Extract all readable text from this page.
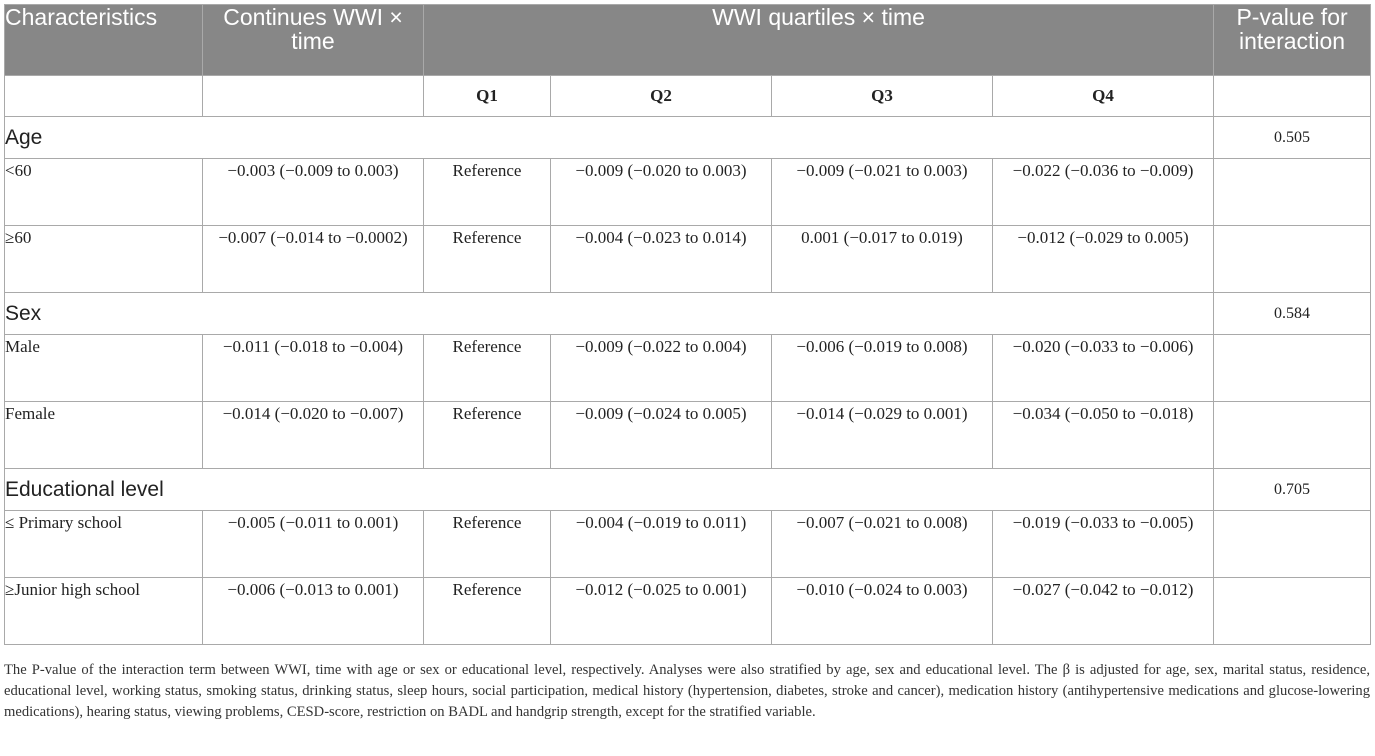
Characteristics	Continues WWI × time	WWI quartiles × time				P-value for interaction
		Q1	Q2	Q3	Q4	
Age						0.505
<60	−0.003 (−0.009 to 0.003)	Reference	−0.009 (−0.020 to 0.003)	−0.009 (−0.021 to 0.003)	−0.022 (−0.036 to −0.009)	
≥60	−0.007 (−0.014 to −0.0002)	Reference	−0.004 (−0.023 to 0.014)	0.001 (−0.017 to 0.019)	−0.012 (−0.029 to 0.005)	
Sex						0.584
Male	−0.011 (−0.018 to −0.004)	Reference	−0.009 (−0.022 to 0.004)	−0.006 (−0.019 to 0.008)	−0.020 (−0.033 to −0.006)	
Female	−0.014 (−0.020 to −0.007)	Reference	−0.009 (−0.024 to 0.005)	−0.014 (−0.029 to 0.001)	−0.034 (−0.050 to −0.018)	
Educational level						0.705
≤ Primary school	−0.005 (−0.011 to 0.001)	Reference	−0.004 (−0.019 to 0.011)	−0.007 (−0.021 to 0.008)	−0.019 (−0.033 to −0.005)	
≥Junior high school	−0.006 (−0.013 to 0.001)	Reference	−0.012 (−0.025 to 0.001)	−0.010 (−0.024 to 0.003)	−0.027 (−0.042 to −0.012)	
The P-value of the interaction term between WWI, time with age or sex or educational level, respectively. Analyses were also stratified by age, sex and educational level. The β is adjusted for age, sex, marital status, residence, educational level, working status, smoking status, drinking status, sleep hours, social participation, medical history (hypertension, diabetes, stroke and cancer), medication history (antihypertensive medications and glucose-lowering medications), hearing status, viewing problems, CESD-score, restriction on BADL and handgrip strength, except for the stratified variable.
